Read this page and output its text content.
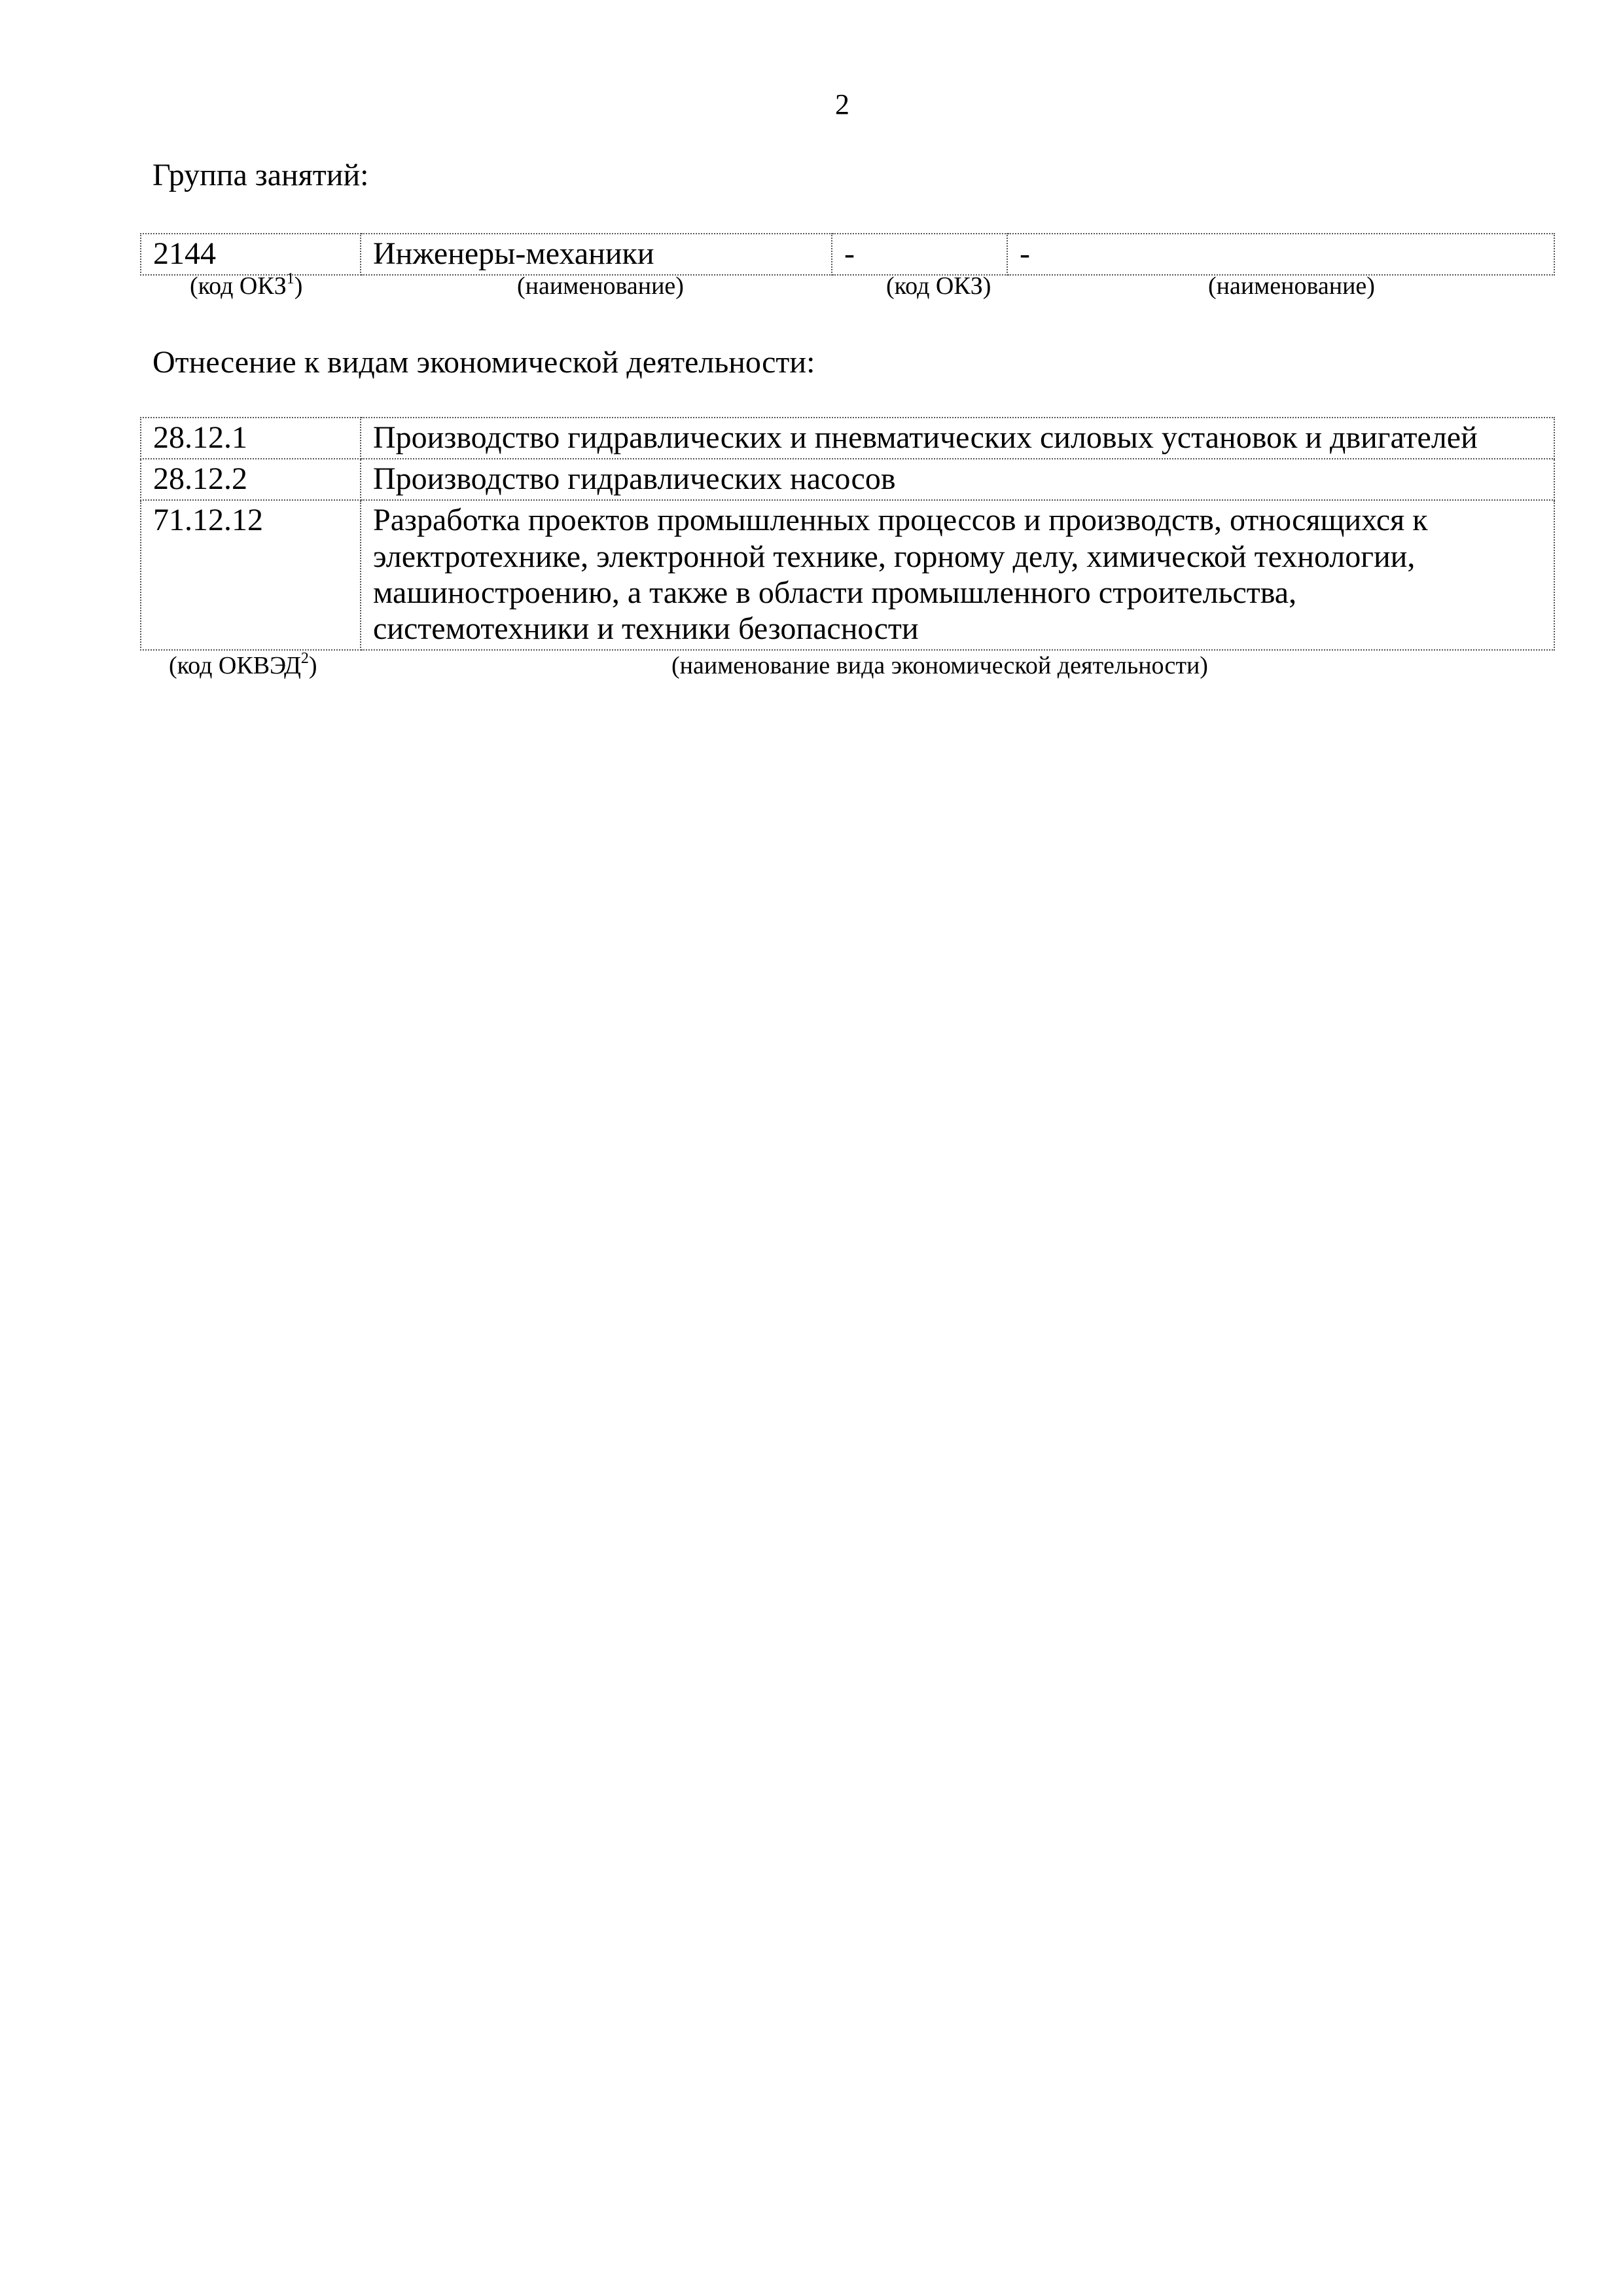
2
Группа занятий:
2144	Инженеры-механики	-	-
(код ОКЗ$^1$)	(наименование)	(код ОКЗ)	(наименование)
Отнесение к видам экономической деятельности:
28.12.1	Производство гидравлических и пневматических силовых установок и двигателей
28.12.2	Производство гидравлических насосов
71.12.12	Разработка проектов промышленных процессов и производств, относящихся к электротехнике, электронной технике, горному делу, химической технологии, машиностроению, а также в области промышленного строительства, системотехники и техники безопасности
(код ОКВЭД$^2$)	(наименование вида экономической деятельности)
